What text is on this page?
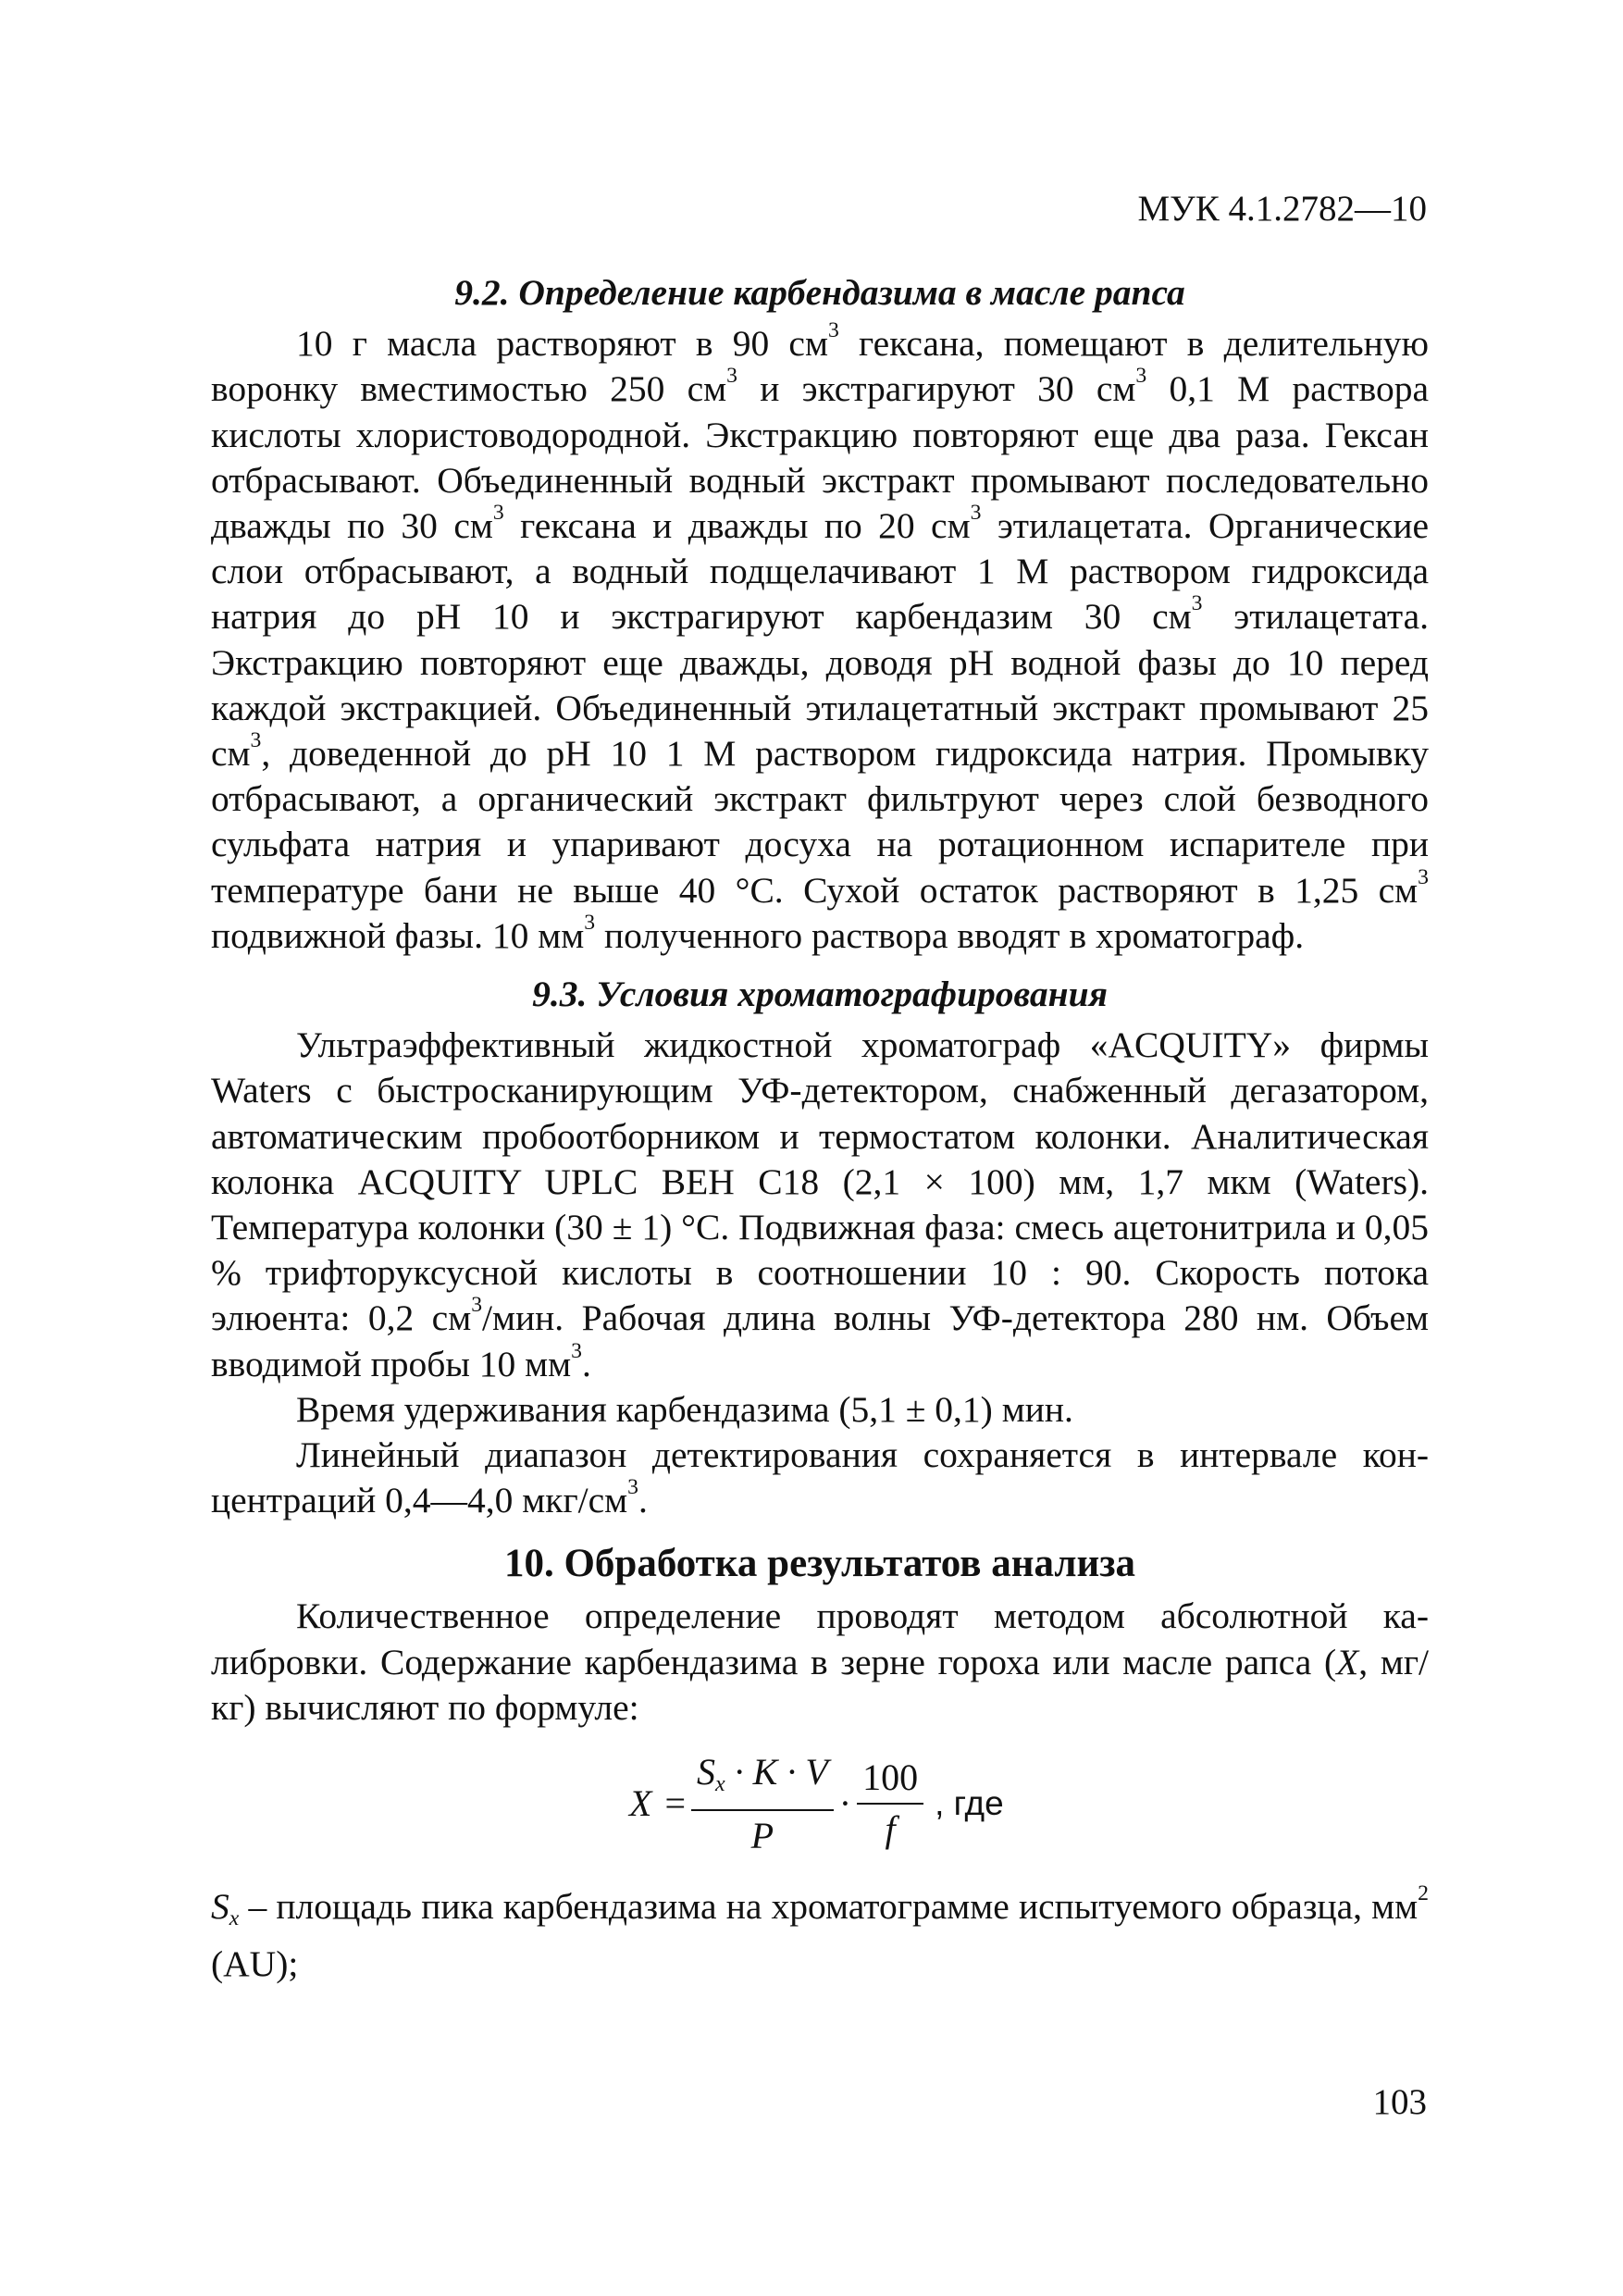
МУК 4.1.2782—10
9.2. Определение карбендазима в масле рапса

10 г масла растворяют в 90 $см^3$ гексана, помещают в делительную воронку вместимостью 250 $см^3$ и экстрагируют 30 $см^3$ 0,1 М раствора кислоты хлористоводородной. Экстракцию повторяют еще два раза. Гексан отбрасывают. Объединенный водный экстракт промывают последовательно дважды по 30 $см^3$ гексана и дважды по 20 $см^3$ этилацетата. Органические слои отбрасывают, а водный подщелачивают 1 М раствором гидроксида натрия до рН 10 и экстрагируют карбендазим 30 $см^3$ этилацетата. Экстракцию повторяют еще дважды, доводя рН водной фазы до 10 перед каждой экстракцией. Объединенный этилацетатный экстракт промывают 25 $см^3$, доведенной до рН 10 1 М раствором гидроксида натрия. Промывку отбрасывают, а органический экстракт фильтруют через слой безводного сульфата натрия и упаривают досуха на ротационном испарителе при температуре бани не выше 40 °С. Сухой остаток растворяют в 1,25 $см^3$ подвижной фазы. 10 $мм^3$ полученного раствора вводят в хроматограф.

9.3. Условия хроматографирования

Ультраэффективный жидкостной хроматограф «ACQUITY» фирмы Waters с быстросканирующим УФ-детектором, снабженный дегазатором, автоматическим пробоотборником и термостатом колонки. Аналитическая колонка ACQUITY UPLC BEH C18 (2,1 × 100) мм, 1,7 мкм (Waters). Температура колонки (30 ± 1) °С. Подвижная фаза: смесь ацетонитрила и 0,05 % трифторуксусной кислоты в соотношении 10 : 90. Скорость потока элюента: 0,2 $см^3$/мин. Рабочая длина волны УФ-детектора 280 нм. Объем вводимой пробы 10 $мм^3$.

Время удерживания карбендазима (5,1 ± 0,1) мин.

Линейный диапазон детектирования сохраняется в интервале концентраций 0,4—4,0 мкг/$см^3$.

10. Обработка результатов анализа

Количественное определение проводят методом абсолютной калибровки. Содержание карбендазима в зерне гороха или масле рапса (X, мг/кг) вычисляют по формуле:

$X = \frac{Sx \cdot K \cdot V}{P} \cdot \frac{100}{f}$ , где

Sx – площадь пика карбендазима на хроматограмме испытуемого образца, $мм^2$ (AU);

103
